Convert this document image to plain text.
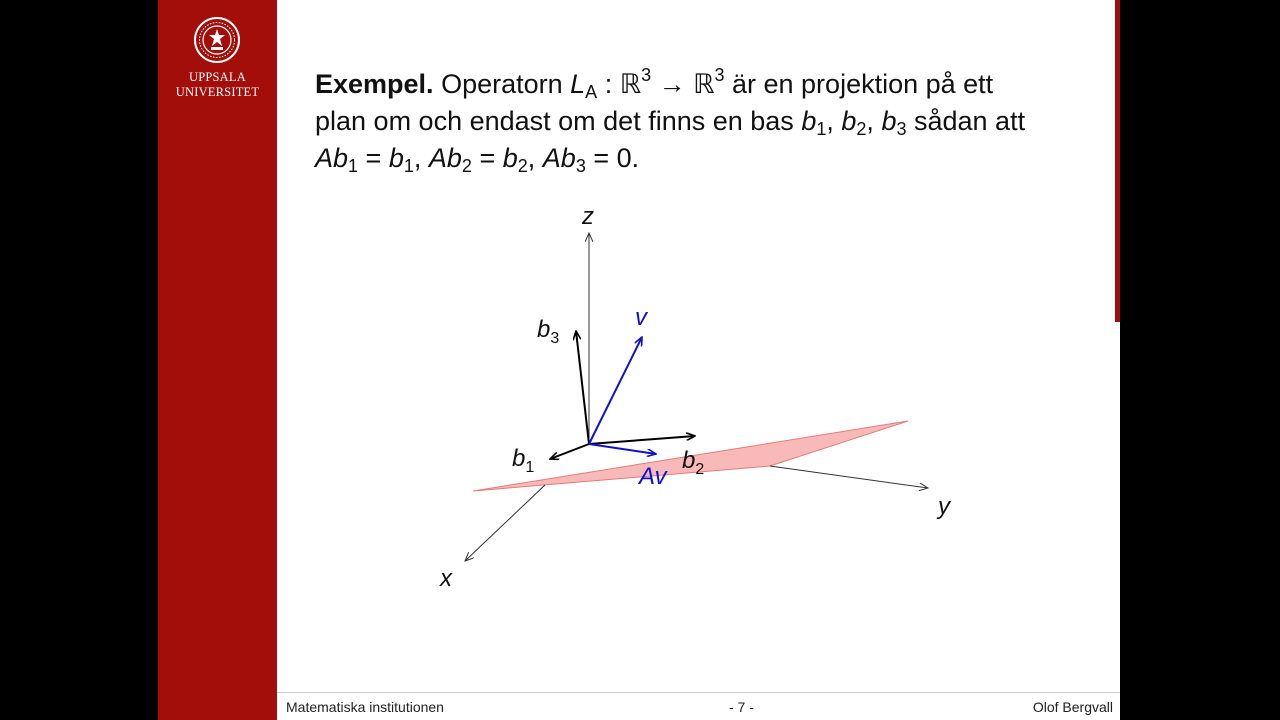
UPPSALA
UNIVERSITET	Exempel. Operatorn $L_A$ : ℝ$^3$ → ℝ$^3$ är en projektion på ett
plan om och endast om det finns en bas $b_1$, $b_2$, $b_3$ sådan att
$Ab_1 = b_1$, $Ab_2 = b_2$, $Ab_3 = 0$.
z
y
x
$b_3$
$b_1$	$b_2$
v
Av
Matematiska institutionen	- 7 -	Olof Bergvall
